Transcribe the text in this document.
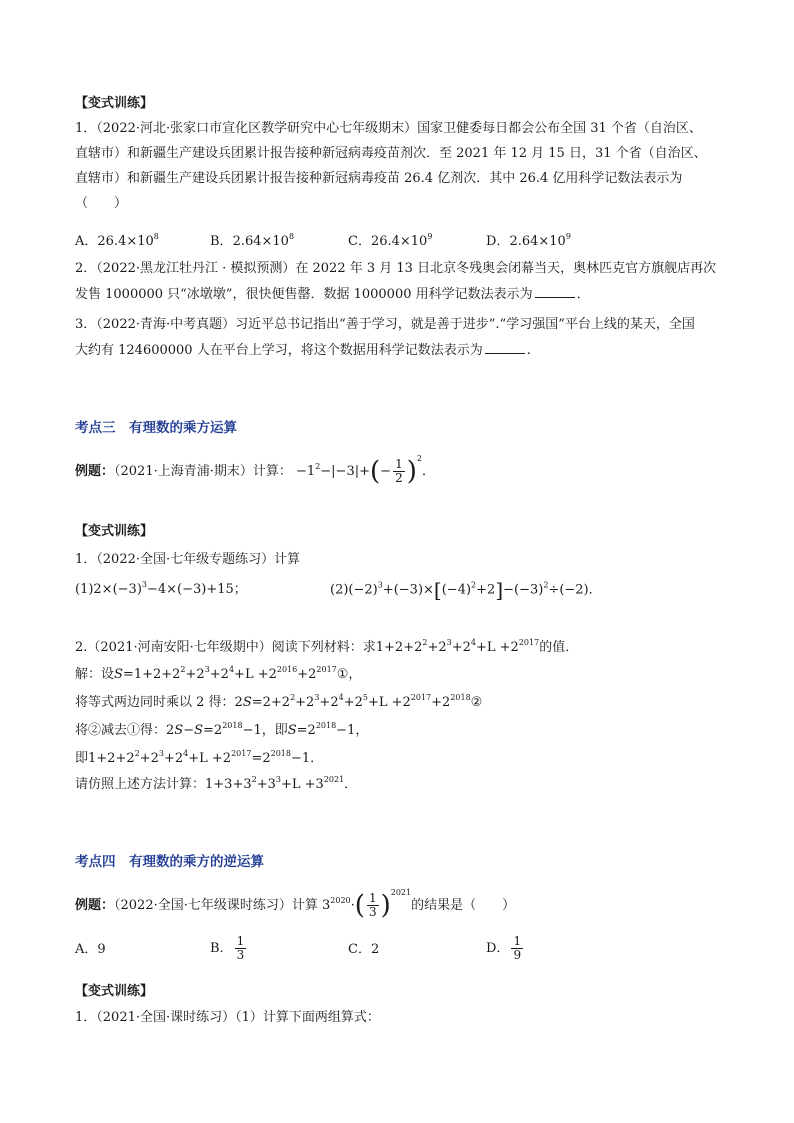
【变式训练】
1．（2022·河北·张家口市宣化区教学研究中心七年级期末）国家卫健委每日都会公布全国 31 个省（自治区、
直辖市）和新疆生产建设兵团累计报告接种新冠病毒疫苗剂次．至 2021 年 12 月 15 日，31 个省（自治区、
直辖市）和新疆生产建设兵团累计报告接种新冠病毒疫苗 26.4 亿剂次．其中 26.4 亿用科学记数法表示为
（　　）
A．$26.4\times 10^8$	B．$2.64\times 10^8$	C．$26.4\times 10^9$	D．$2.64\times 10^9$
2．（2022·黑龙江牡丹江 · 模拟预测）在 2022 年 3 月 13 日北京冬残奥会闭幕当天，奥林匹克官方旗舰店再次
发售 1000000 只“冰墩墩”，很快便售罄．数据 1000000 用科学记数法表示为	．
3．（2022·青海·中考真题）习近平总书记指出“善于学习，就是善于进步”.“学习强国”平台上线的某天，全国
大约有 124600000 人在平台上学习，将这个数据用科学记数法表示为	.
考点三　有理数的乘方运算
例题：（2021·上海青浦·期末）计算： $-1^2-|-3|+(- \frac{1}{2} )^2$．
【变式训练】
1．（2022·全国·七年级专题练习）计算
$(1)2\times(-3)^3-4\times(-3)+15$；	$(2)(-2)^3+(-3)\times[(-4)^2+2]-(-3)^2\div(-2)$．
2.（2021·河南安阳·七年级期中）阅读下列材料：求$1+2+2^2+2^3+2^4+L +2^{2017}$的值．
解：设$S=1+2+2^2+2^3+2^4+L$ $+2^{2016}+2^{2017}①$，
将等式两边同时乘以 2 得：$2S=2+2^2+2^3+2^4+2^5+L$ $+2^{2017}+2^{2018}②$
将②减去①得：$2S-S=2^{2018}-1$，即$S=2^{2018}-1$，
即$1+2+2^2+2^3+2^4+L +2^{2017}=2^{2018}-1$．
请仿照上述方法计算：$1+3+3^2+3^3+L +3^{2021}$．
考点四　有理数的乘方的逆运算
例题：（2022·全国·七年级课时练习）计算 $3^{2020}\cdot( \frac{1}{3} )^{2021}$的结果是（　　）
A．9	B． $\frac{1}{3}$	C．2	D． $\frac{1}{9}$
【变式训练】
1．（2021·全国·课时练习）（1）计算下面两组算式：
